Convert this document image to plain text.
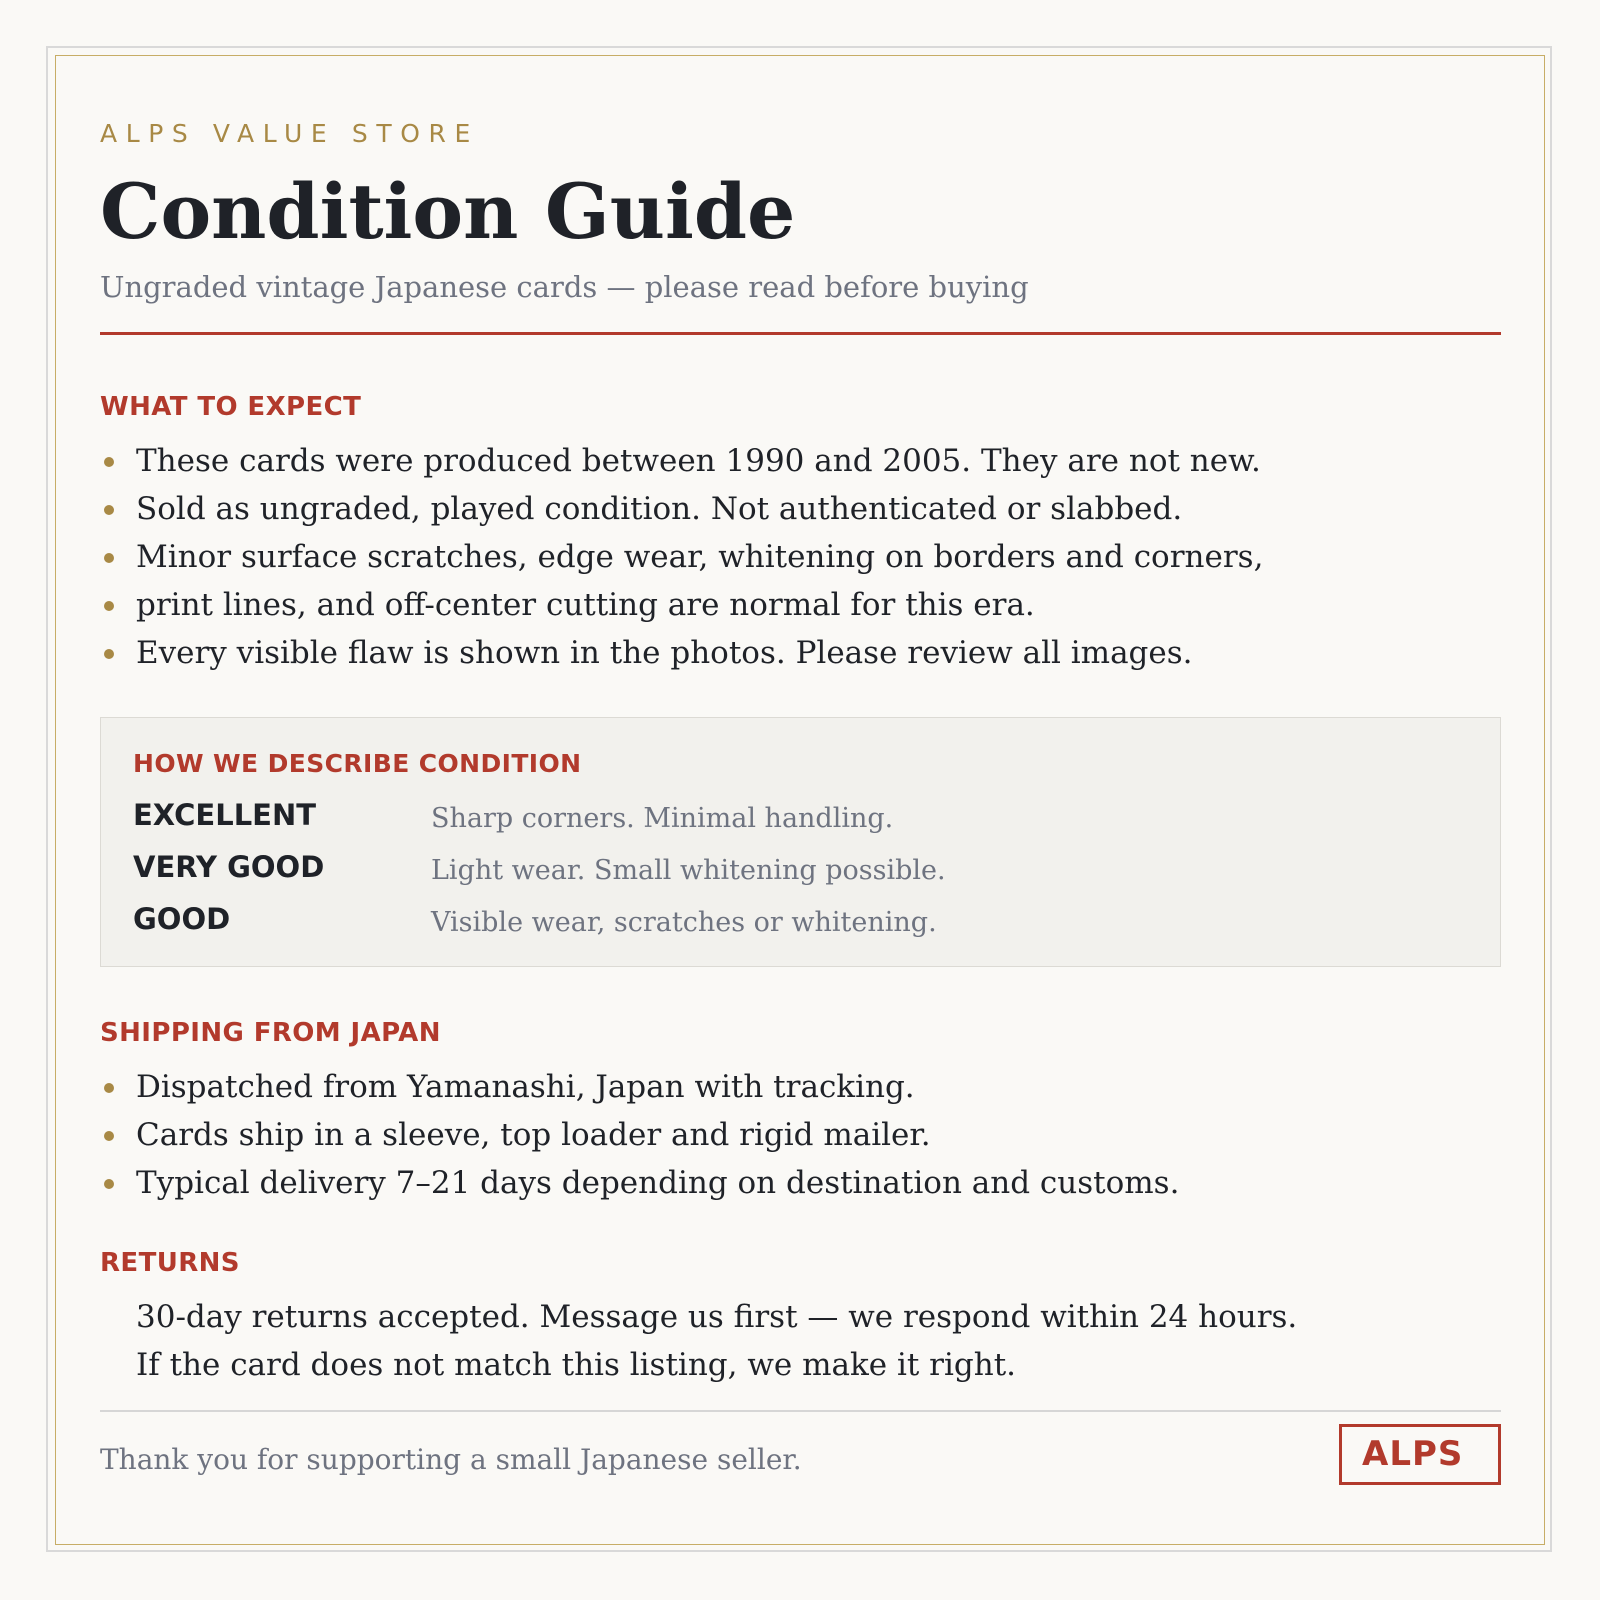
ALPS VALUE STORE
Condition Guide
Ungraded vintage Japanese cards — please read before buying
WHAT TO EXPECT
These cards were produced between 1990 and 2005. They are not new.
Sold as ungraded, played condition. Not authenticated or slabbed.
Minor surface scratches, edge wear, whitening on borders and corners,
print lines, and off-center cutting are normal for this era.
Every visible flaw is shown in the photos. Please review all images.
HOW WE DESCRIBE CONDITION
EXCELLENT	Sharp corners. Minimal handling.
VERY GOOD	Light wear. Small whitening possible.
GOOD	Visible wear, scratches or whitening.
SHIPPING FROM JAPAN
Dispatched from Yamanashi, Japan with tracking.
Cards ship in a sleeve, top loader and rigid mailer.
Typical delivery 7–21 days depending on destination and customs.
RETURNS
30-day returns accepted. Message us first — we respond within 24 hours.
If the card does not match this listing, we make it right.
Thank you for supporting a small Japanese seller.	ALPS
